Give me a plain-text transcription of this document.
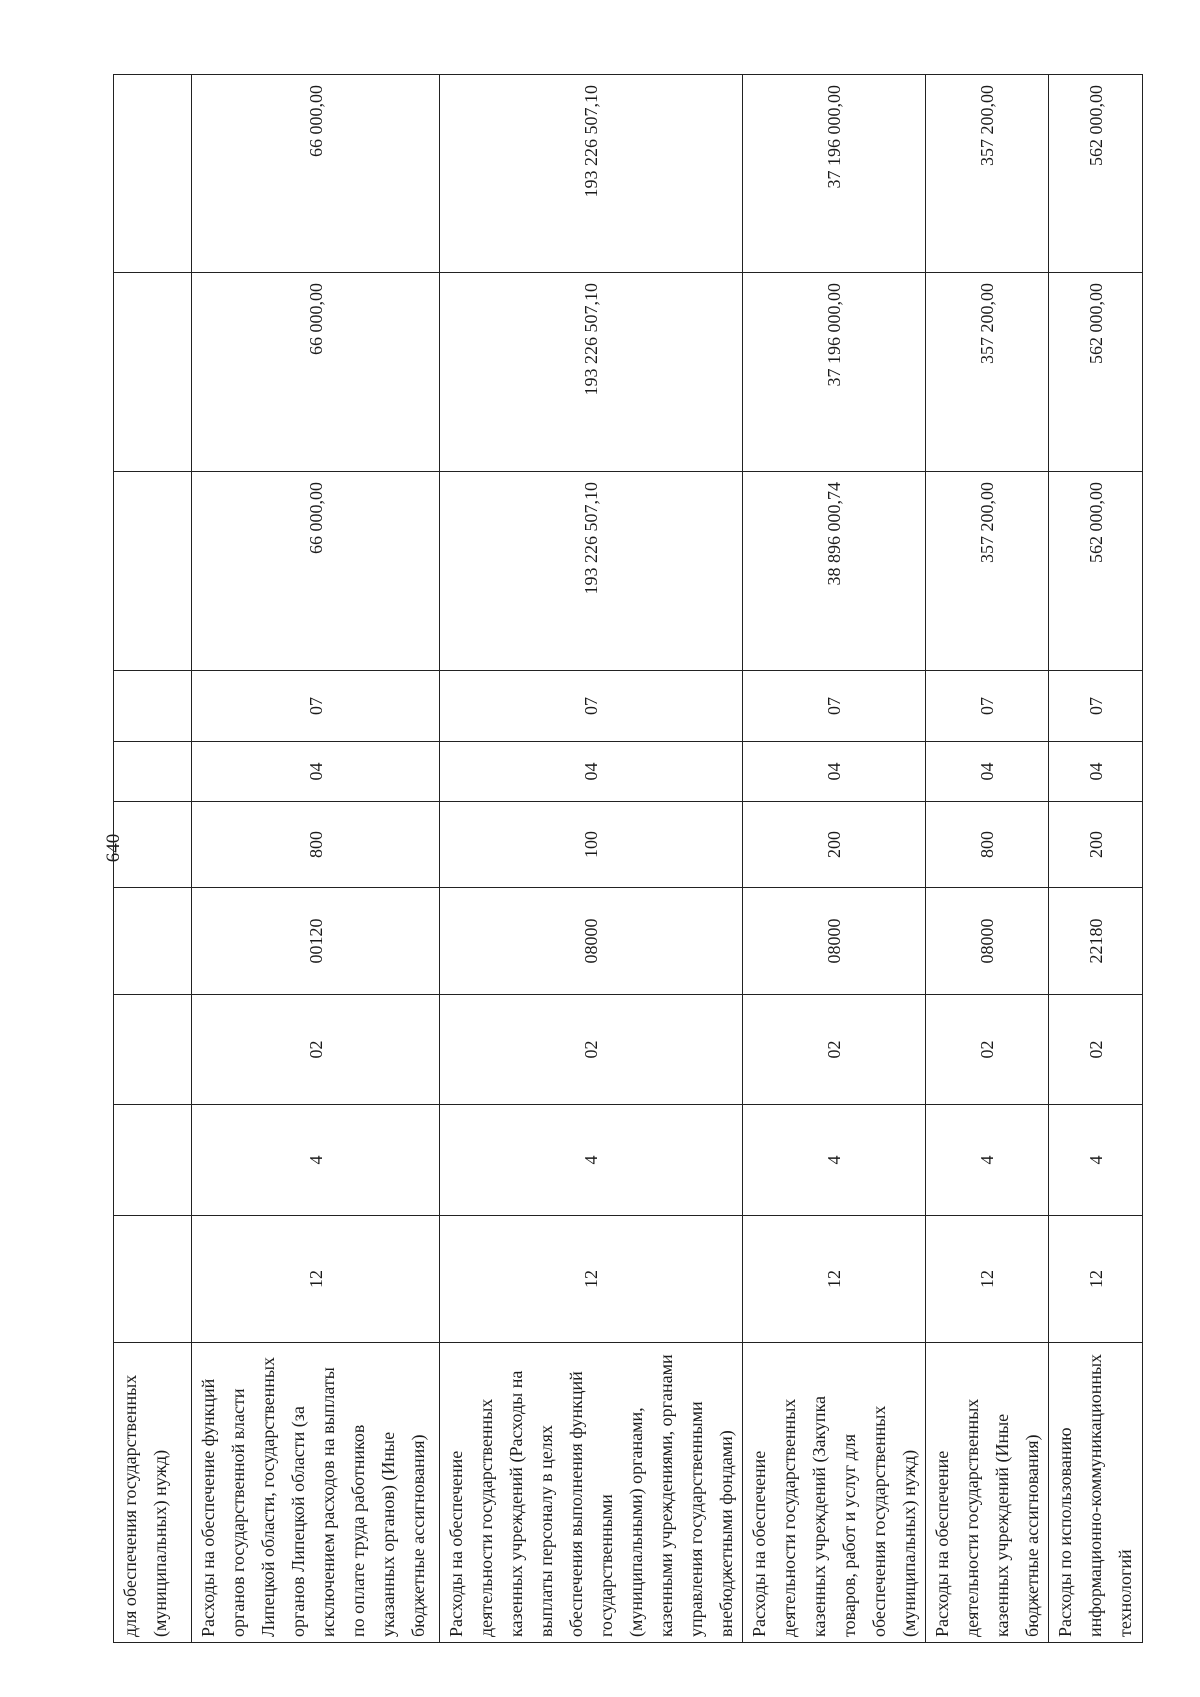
640
для обеспечения государственных (муниципальных) нужд)										
Расходы на обеспечение функций органов государственной власти Липецкой области, государственных органов Липецкой области (за исключением расходов на выплаты по оплате труда работников указанных органов) (Иные бюджетные ассигнования)	12	4	02	00120	800	04	07	66 000,00	66 000,00	66 000,00
Расходы на обеспечение деятельности государственных казенных учреждений (Расходы на выплаты персоналу в целях обеспечения выполнения функций государственными (муниципальными) органами, казенными учреждениями, органами управления государственными внебюджетными фондами)	12	4	02	08000	100	04	07	193 226 507,10	193 226 507,10	193 226 507,10
Расходы на обеспечение деятельности государственных казенных учреждений (Закупка товаров, работ и услуг для обеспечения государственных (муниципальных) нужд)	12	4	02	08000	200	04	07	38 896 000,74	37 196 000,00	37 196 000,00
Расходы на обеспечение деятельности государственных казенных учреждений (Иные бюджетные ассигнования)	12	4	02	08000	800	04	07	357 200,00	357 200,00	357 200,00
Расходы по использованию информационно-коммуникационных технологий	12	4	02	22180	200	04	07	562 000,00	562 000,00	562 000,00
